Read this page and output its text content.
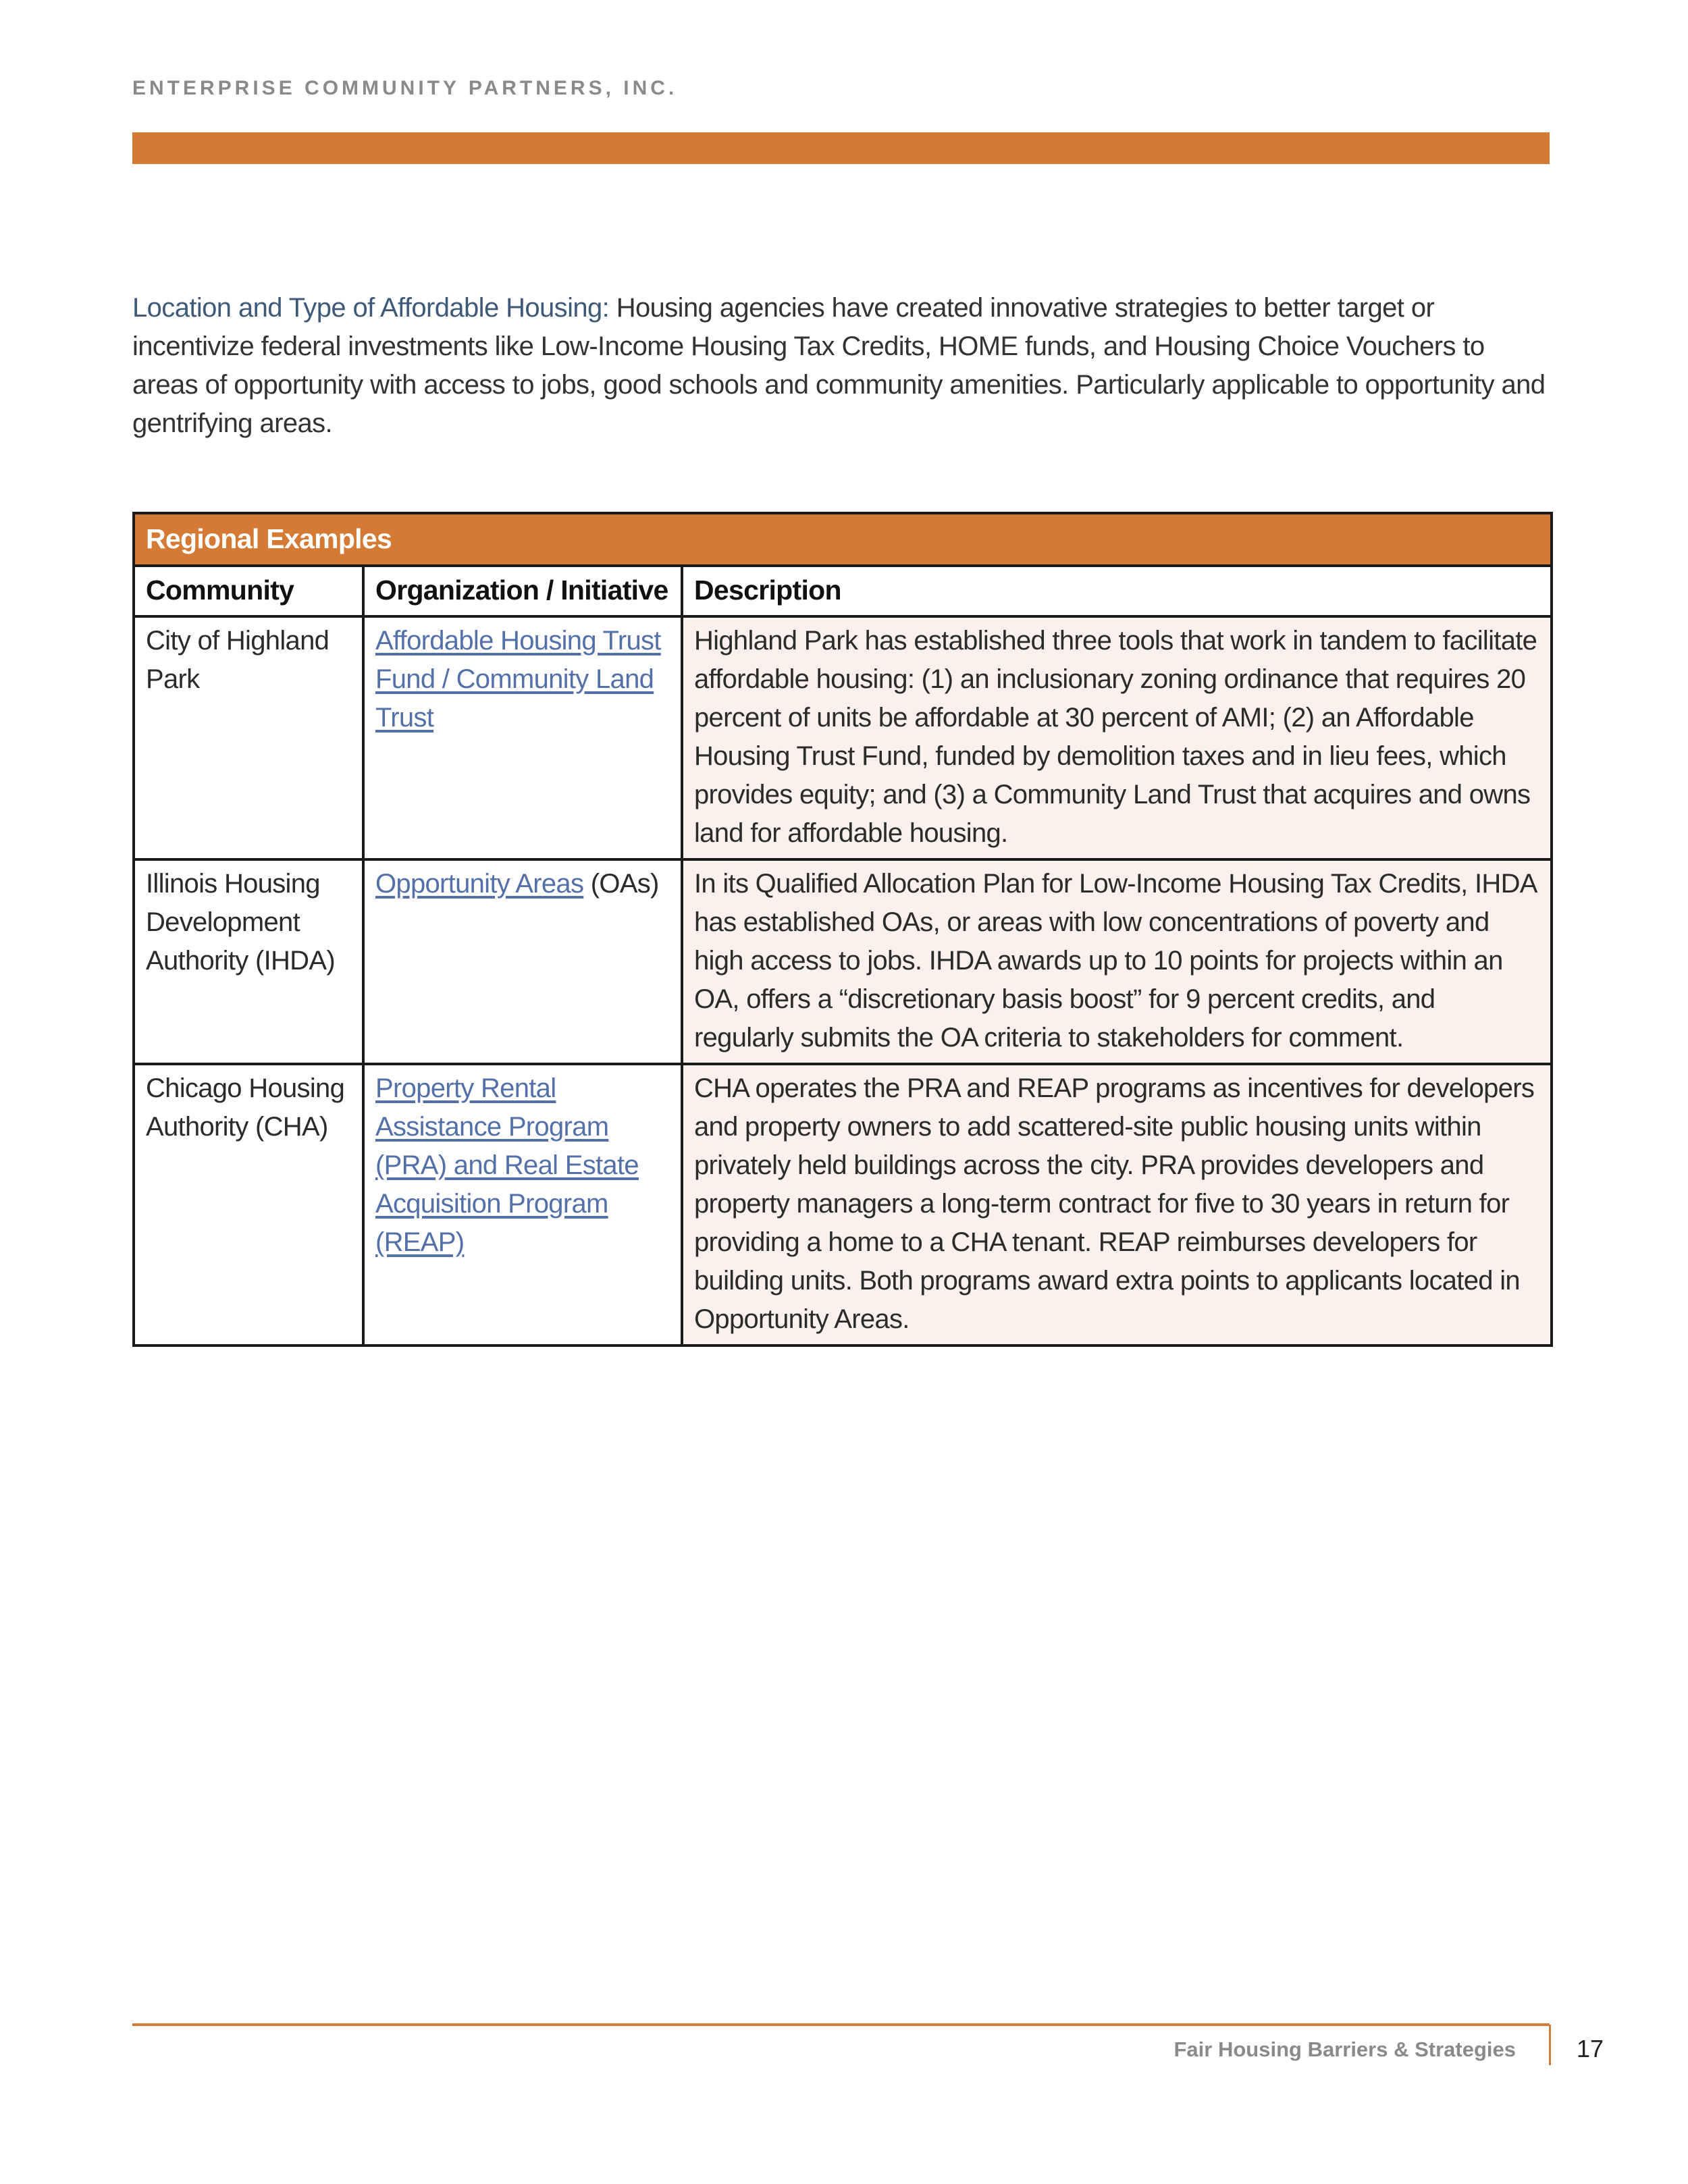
ENTERPRISE COMMUNITY PARTNERS, INC.

Location and Type of Affordable Housing: Housing agencies have created innovative strategies to better target or incentivize federal investments like Low-Income Housing Tax Credits, HOME funds, and Housing Choice Vouchers to areas of opportunity with access to jobs, good schools and community amenities. Particularly applicable to opportunity and gentrifying areas.

Regional Examples		
Community	Organization / Initiative	Description
City of Highland Park	Affordable Housing Trust Fund / Community Land Trust	Highland Park has established three tools that work in tandem to facilitate affordable housing: (1) an inclusionary zoning ordinance that requires 20 percent of units be affordable at 30 percent of AMI; (2) an Affordable Housing Trust Fund, funded by demolition taxes and in lieu fees, which provides equity; and (3) a Community Land Trust that acquires and owns land for affordable housing.
Illinois Housing Development Authority (IHDA)	Opportunity Areas (OAs)	In its Qualified Allocation Plan for Low-Income Housing Tax Credits, IHDA has established OAs, or areas with low concentrations of poverty and high access to jobs. IHDA awards up to 10 points for projects within an OA, offers a “discretionary basis boost” for 9 percent credits, and regularly submits the OA criteria to stakeholders for comment.
Chicago Housing Authority (CHA)	Property Rental Assistance Program (PRA) and Real Estate Acquisition Program (REAP)	CHA operates the PRA and REAP programs as incentives for developers and property owners to add scattered-site public housing units within privately held buildings across the city. PRA provides developers and property managers a long-term contract for five to 30 years in return for providing a home to a CHA tenant. REAP reimburses developers for building units. Both programs award extra points to applicants located in Opportunity Areas.
Fair Housing Barriers & Strategies	17
